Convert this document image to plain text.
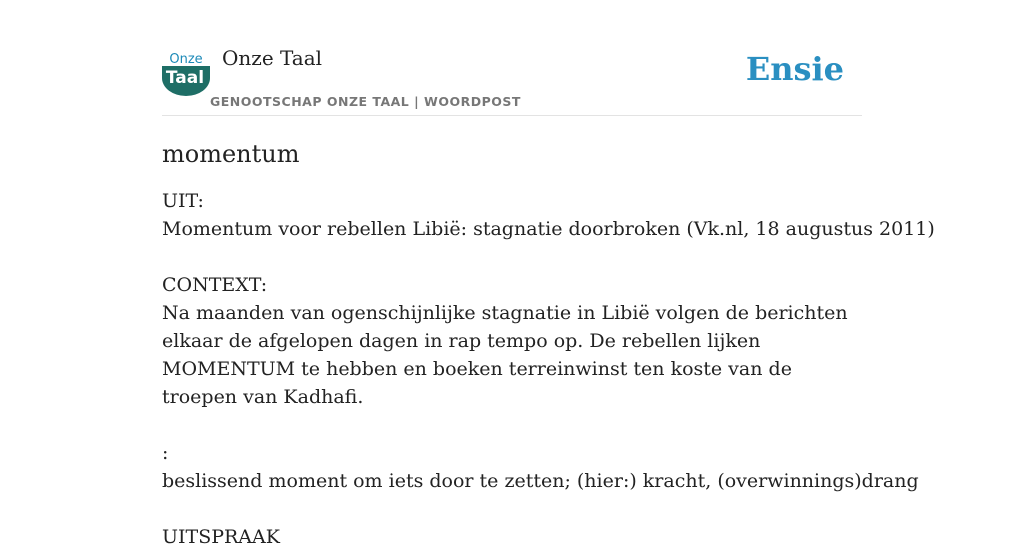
Onze
Taal
Onze Taal
GENOOTSCHAP ONZE TAAL | WOORDPOST
Ensie
momentum
UIT:
Momentum voor rebellen Libië: stagnatie doorbroken (Vk.nl, 18 augustus 2011)
CONTEXT:
Na maanden van ogenschijnlijke stagnatie in Libië volgen de berichten elkaar de afgelopen dagen in rap tempo op. De rebellen lijken MOMENTUM te hebben en boeken terreinwinst ten koste van de troepen van Kadhafi.
:
beslissend moment om iets door te zetten; (hier:) kracht, (overwinnings)drang
UITSPRAAK
